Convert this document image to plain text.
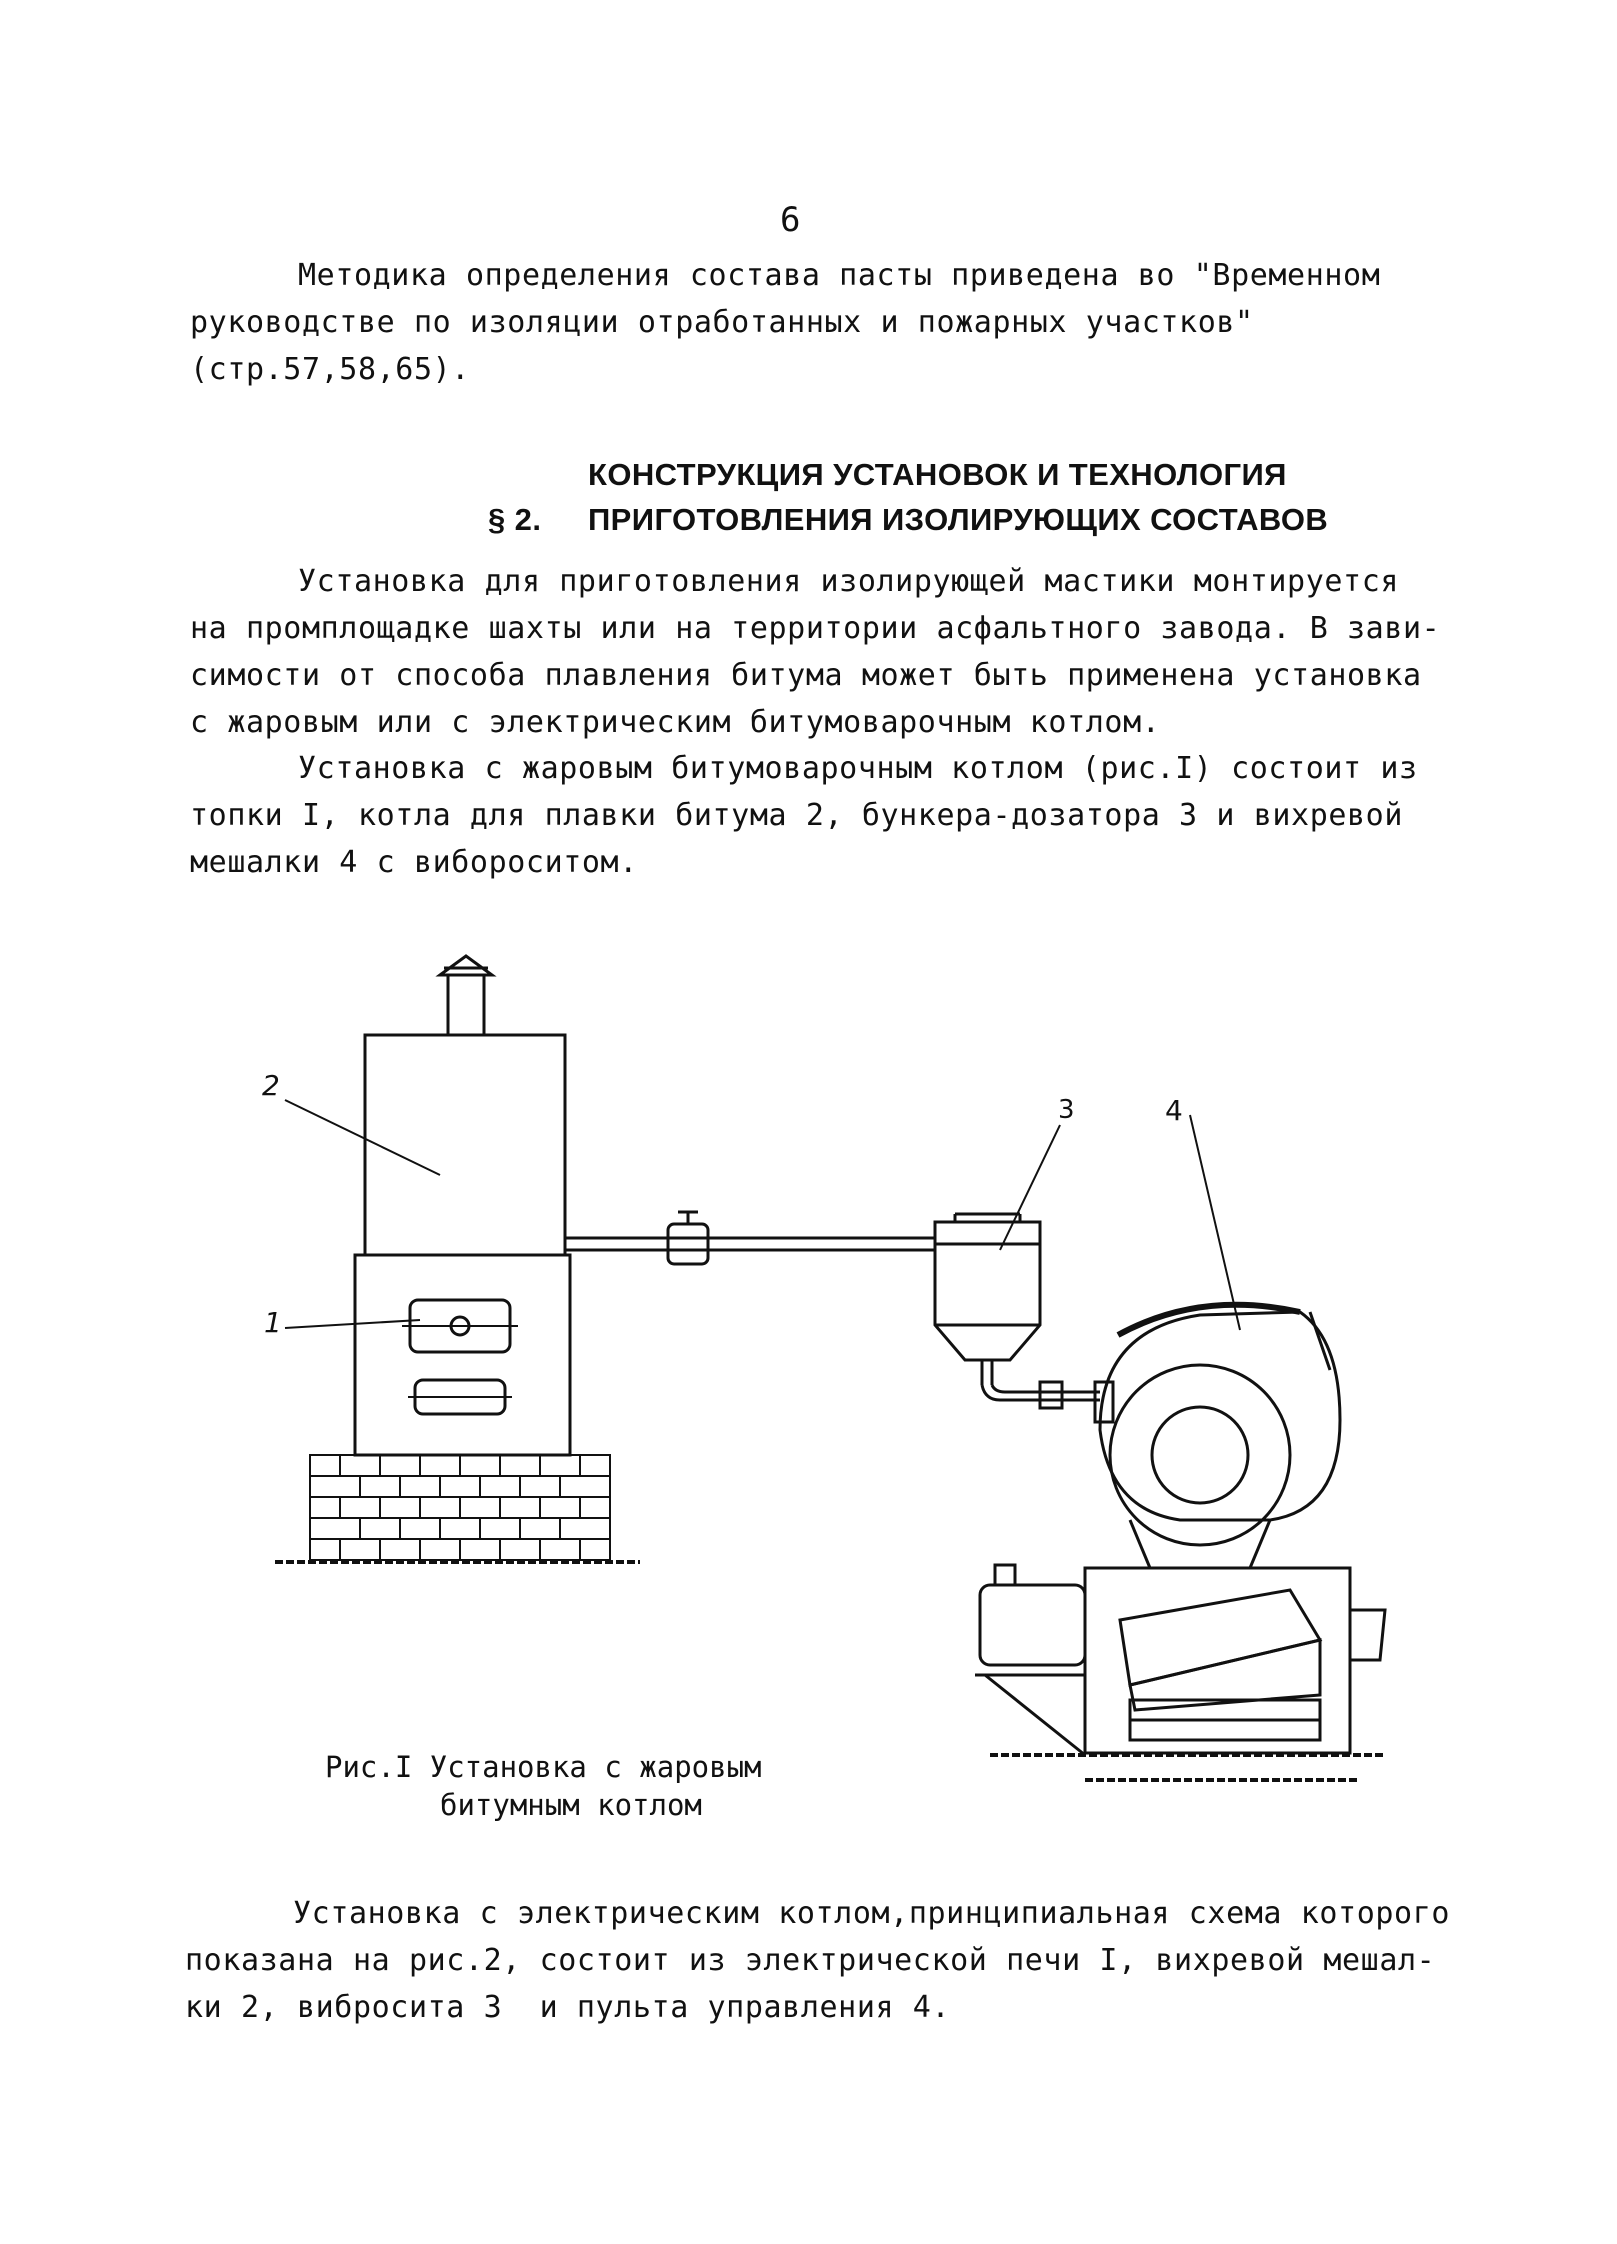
6
Методика определения состава пасты приведена во "Временном
руководстве по изоляции отработанных и пожарных участков"
(стр.57,58,65).

§ 2.

КОНСТРУКЦИЯ УСТАНОВОК И ТЕХНОЛОГИЯ
ПРИГОТОВЛЕНИЯ ИЗОЛИРУЮЩИХ СОСТАВОВ
Установка для приготовления изолирующей мастики монтируется
на промплощадке шахты или на территории асфальтного завода. В зави-
симости от способа плавления битума может быть применена установка
с жаровым или с электрическим битумоварочным котлом.
Установка с жаровым битумоварочным котлом (рис.I) состоит из
топки I, котла для плавки битума 2, бункера-дозатора 3 и вихревой
мешалки 4 с вибороситом.
2
1
3	4
Рис.I Установка с жаровым
битумным котлом
Установка с электрическим котлом,принципиальная схема которого
показана на рис.2, состоит из электрической печи I, вихревой мешал-
ки 2, виброcита 3  и пульта управления 4.
